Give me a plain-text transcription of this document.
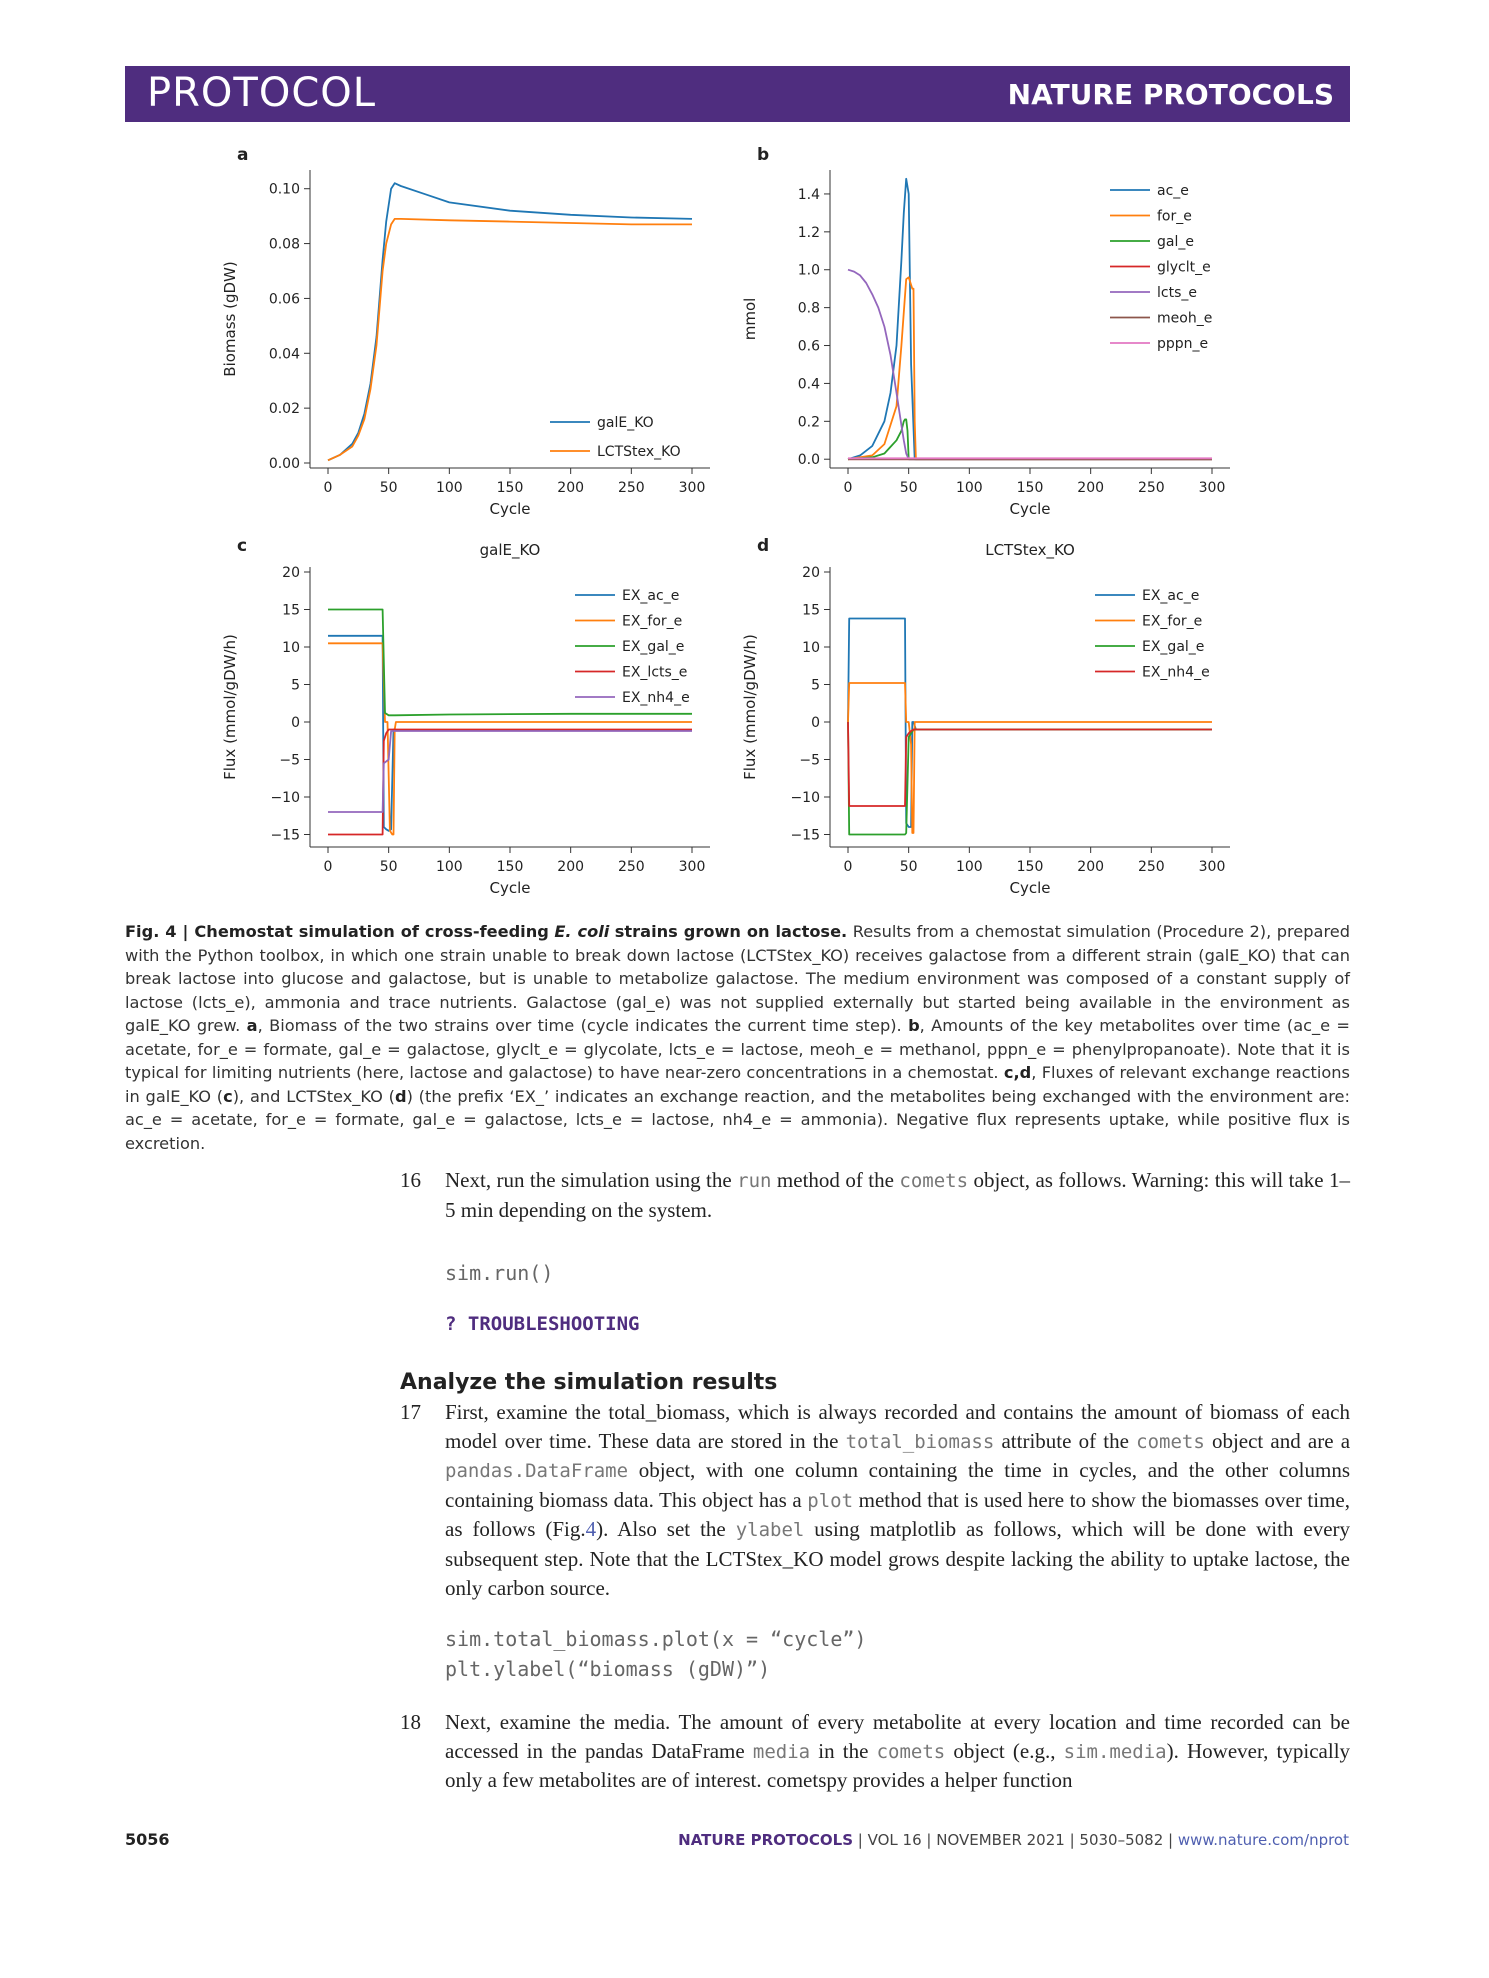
PROTOCOL	NATURE PROTOCOLS
a
0	50	100 150 200 250 300
0.00
0.02
0.04
0.06
0.08
0.10
Cycle
Biomass (gDW)
galE_KO
LCTStex_KO
b
0	50	100 150 200 250 300
0.0
0.2
0.4
0.6
0.8
1.0
1.2
1.4
Cycle
mmol
ac_e
for_e
gal_e
glyclt_e
lcts_e
meoh_e
pppn_e
c
0	50	100 150 200 250 300
20
15
10
5
0
−5
−10
−15
Cycle
Flux (mmol/gDW/h)
galE_KO
EX_ac_e
EX_for_e
EX_gal_e
EX_lcts_e
EX_nh4_e
d
0	50	100 150 200 250 300
20
15
10
5
0
−5
−10
−15
Cycle
Flux (mmol/gDW/h)
LCTStex_KO
EX_ac_e
EX_for_e
EX_gal_e
EX_nh4_e
Fig. 4 | Chemostat simulation of cross-feeding E. coli strains grown on lactose. Results from a chemostat simulation (Procedure 2), prepared with the Python toolbox, in which one strain unable to break down lactose (LCTStex_KO) receives galactose from a different strain (galE_KO) that can break lactose into glucose and galactose, but is unable to metabolize galactose. The medium environment was composed of a constant supply of lactose (lcts_e), ammonia and trace nutrients. Galactose (gal_e) was not supplied externally but started being available in the environment as galE_KO grew. a, Biomass of the two strains over time (cycle indicates the current time step). b, Amounts of the key metabolites over time (ac_e = acetate, for_e = formate, gal_e = galactose, glyclt_e = glycolate, lcts_e = lactose, meoh_e = methanol, pppn_e = phenylpropanoate). Note that it is typical for limiting nutrients (here, lactose and galactose) to have near-zero concentrations in a chemostat. c,d, Fluxes of relevant exchange reactions in galE_KO (c), and LCTStex_KO (d) (the prefix ‘EX_’ indicates an exchange reaction, and the metabolites being exchanged with the environment are: ac_e = acetate, for_e = formate, gal_e = galactose, lcts_e = lactose, nh4_e = ammonia). Negative flux represents uptake, while positive flux is excretion.
16 Next, run the simulation using the run method of the comets object, as follows. Warning: this will take 1–5 min depending on the system.
sim.run()
? TROUBLESHOOTING
Analyze the simulation results
17 First, examine the total_biomass, which is always recorded and contains the amount of biomass of each model over time. These data are stored in the total_biomass attribute of the comets object and are a pandas.DataFrame object, with one column containing the time in cycles, and the other columns containing biomass data. This object has a plot method that is used here to show the biomasses over time, as follows (Fig.4). Also set the ylabel using matplotlib as follows, which will be done with every subsequent step. Note that the LCTStex_KO model grows despite lacking the ability to uptake lactose, the only carbon source.
sim.total_biomass.plot(x = “cycle”)
plt.ylabel(“biomass (gDW)”)
18 Next, examine the media. The amount of every metabolite at every location and time recorded can be accessed in the pandas DataFrame media in the comets object (e.g., sim.media). However, typically only a few metabolites are of interest. cometspy provides a helper function
5056	NATURE PROTOCOLS | VOL 16 | NOVEMBER 2021 | 5030–5082 | www.nature.com/nprot
